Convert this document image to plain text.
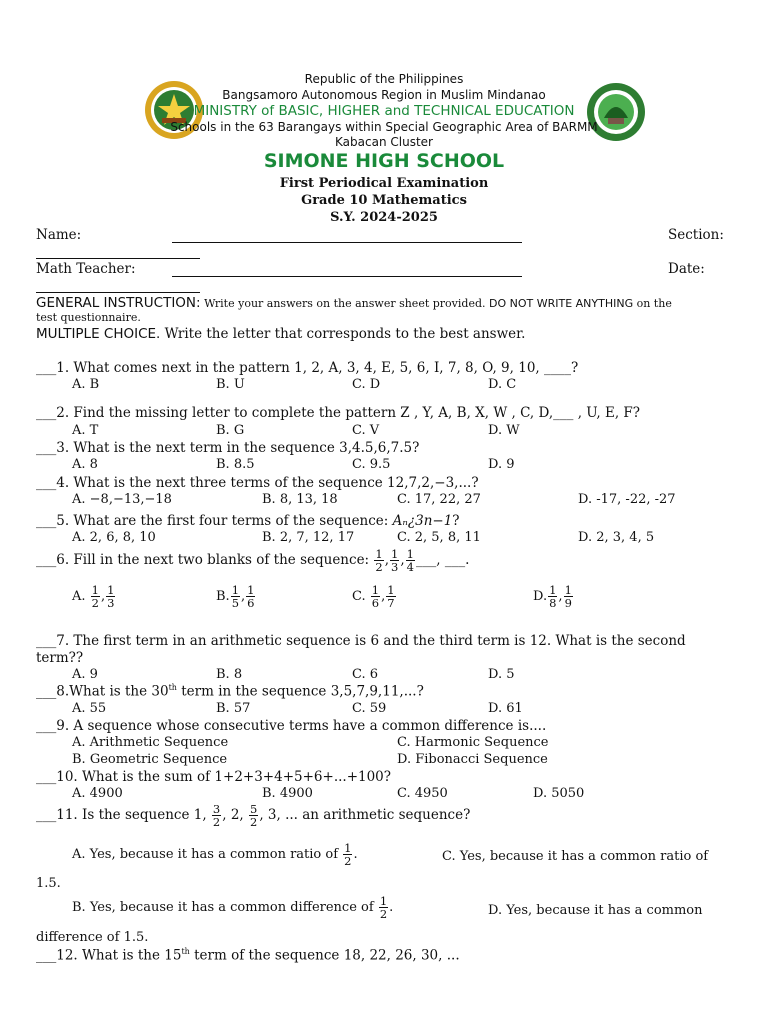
Republic of the Philippines
Bangsamoro Autonomous Region in Muslim Mindanao
MINISTRY of BASIC, HIGHER and TECHNICAL EDUCATION
Schools in the 63 Barangays within Special Geographic Area of BARMM
Kabacan Cluster
SIMONE HIGH SCHOOL
First Periodical Examination
Grade 10 Mathematics
S.Y. 2024-2025
Name:	Section:
Math Teacher:	Date:
GENERAL INSTRUCTION: Write your answers on the answer sheet provided. DO NOT WRITE ANYTHING on the
test questionnaire.
MULTIPLE CHOICE. Write the letter that corresponds to the best answer.
___1. What comes next in the pattern 1, 2, A, 3, 4, E, 5, 6, I, 7, 8, O, 9, 10, ____?
A. B	B. U	C. D	D. C
___2. Find the missing letter to complete the pattern Z , Y, A, B, X, W , C, D,___ , U, E, F?
A. T	B. G	C. V	D. W
___3. What is the next term in the sequence 3,4.5,6,7.5?
A. 8	B. 8.5	C. 9.5	D. 9
___4. What is the next three terms of the sequence 12,7,2,−3,...?
A. −8,−13,−18	B. 8, 13, 18	C. 17, 22, 27	D. -17, -22, -27
___5. What are the first four terms of the sequence: Aₙ¿3n−1?
A. 2, 6, 8, 10	B. 2, 7, 12, 17	C. 2, 5, 8, 11	D. 2, 3, 4, 5
___6. Fill in the next two blanks of the sequence: $\frac{1}{2}$ , $\frac{1}{3}$ , $\frac{1}{4}$ ___, ___.
A. $\frac{1}{2}$ , $\frac{1}{3}$	B. $\frac{1}{5}$ , $\frac{1}{6}$	C. $\frac{1}{6}$ , $\frac{1}{7}$	D. $\frac{1}{8}$ , $\frac{1}{9}$
___7. The first term in an arithmetic sequence is 6 and the third term is 12. What is the second
term??
A. 9	B. 8	C. 6	D. 5
___8.What is the 30th term in the sequence 3,5,7,9,11,...?
A. 55	B. 57	C. 59	D. 61
___9. A sequence whose consecutive terms have a common difference is....
A. Arithmetic Sequence	C. Harmonic Sequence
B. Geometric Sequence	D. Fibonacci Sequence
___10. What is the sum of 1+2+3+4+5+6+...+100?
A. 4900	B. 4900	C. 4950	D. 5050
___11. Is the sequence 1, $\frac{3}{2}$ , 2, $\frac{5}{2}$ , 3, ... an arithmetic sequence?
A. Yes, because it has a common ratio of $\frac{1}{2}$ .	C. Yes, because it has a common ratio of
1.5.
B. Yes, because it has a common difference of $\frac{1}{2}$ .	D. Yes, because it has a common
difference of 1.5.
___12. What is the 15th term of the sequence 18, 22, 26, 30, ...
